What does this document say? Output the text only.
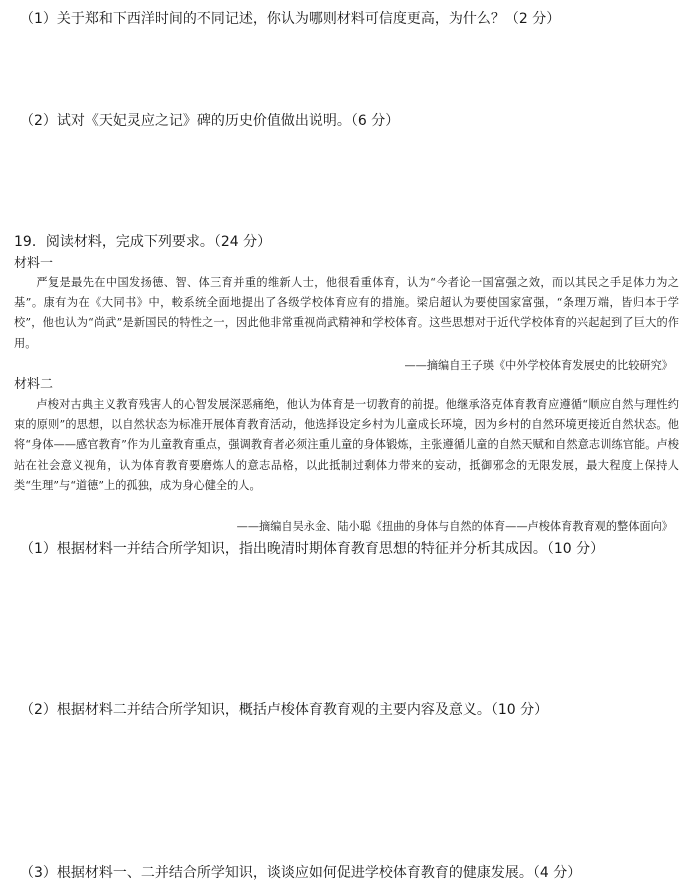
（1）关于郑和下西洋时间的不同记述，你认为哪则材料可信度更高，为什么？（2 分）
（2）试对《天妃灵应之记》碑的历史价值做出说明。（6 分）
19．阅读材料，完成下列要求。（24 分）
材料一
严复是最先在中国发扬德、智、体三育并重的维新人士，他很看重体育，认为“今者论一国富强之效，而以其民之手足体力为之基”。康有为在《大同书》中，較系统全面地提出了各级学校体育应有的措施。梁启超认为要使国家富强，“条理万端，皆归本于学校”，他也认为“尚武”是新国民的特性之一，因此他非常重视尚武精神和学校体育。这些思想对于近代学校体育的兴起起到了巨大的作用。
——摘编自王子瑛《中外学校体育发展史的比较研究》
材料二
卢梭对古典主义教育残害人的心智发展深恶痛绝，他认为体育是一切教育的前提。他继承洛克体育教育应遵循“顺应自然与理性约束的原则”的思想，以自然状态为标准开展体育教育活动，他选择设定乡村为儿童成长环境，因为乡村的自然环境更接近自然状态。他将“身体——感官教育”作为儿童教育重点，强调教育者必须注重儿童的身体锻炼，主张遵循儿童的自然天赋和自然意志训练官能。卢梭站在社会意义视角，认为体育教育要磨炼人的意志品格，以此抵制过剩体力带来的妄动，抵御邪念的无限发展，最大程度上保持人类“生理”与“道德”上的孤独，成为身心健全的人。
——摘编自吴永金、陆小聪《扭曲的身体与自然的体育——卢梭体育教育观的整体面向》
（1）根据材料一并结合所学知识，指出晚清时期体育教育思想的特征并分析其成因。（10 分）
（2）根据材料二并结合所学知识，概括卢梭体育教育观的主要内容及意义。（10 分）
（3）根据材料一、二并结合所学知识，谈谈应如何促进学校体育教育的健康发展。（4 分）
